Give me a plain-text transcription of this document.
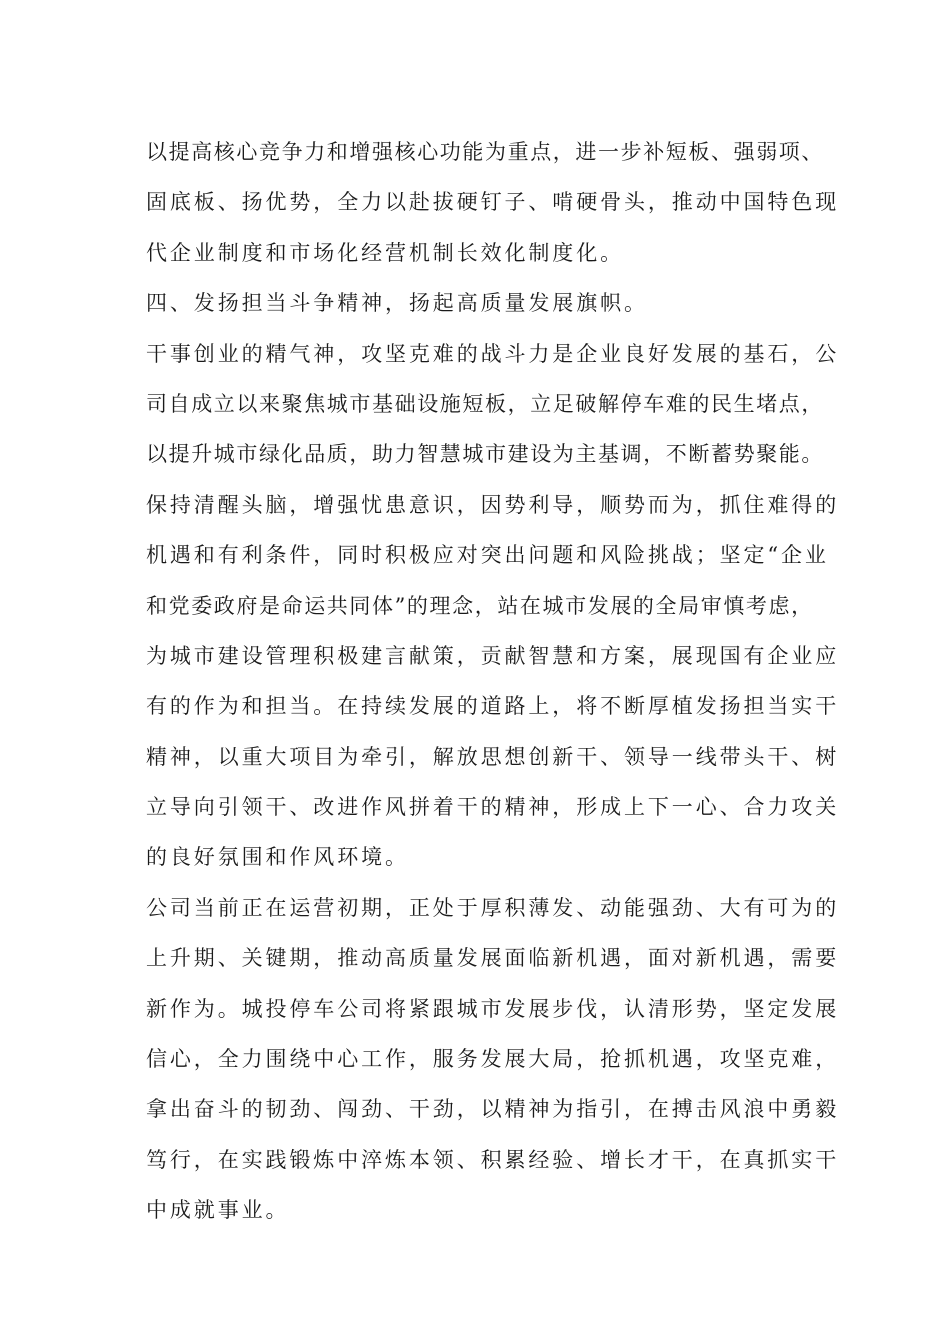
以提高核心竞争力和增强核心功能为重点，进一步补短板、强弱项、
固底板、扬优势，全力以赴拔硬钉子、啃硬骨头，推动中国特色现
代企业制度和市场化经营机制长效化制度化。
四、发扬担当斗争精神，扬起高质量发展旗帜。
干事创业的精气神，攻坚克难的战斗力是企业良好发展的基石，公
司自成立以来聚焦城市基础设施短板，立足破解停车难的民生堵点，
以提升城市绿化品质，助力智慧城市建设为主基调，不断蓄势聚能。
保持清醒头脑，增强忧患意识，因势利导，顺势而为，抓住难得的
机遇和有利条件，同时积极应对突出问题和风险挑战；坚定“企业
和党委政府是命运共同体”的理念，站在城市发展的全局审慎考虑，
为城市建设管理积极建言献策，贡献智慧和方案，展现国有企业应
有的作为和担当。在持续发展的道路上，将不断厚植发扬担当实干
精神，以重大项目为牵引，解放思想创新干、领导一线带头干、树
立导向引领干、改进作风拼着干的精神，形成上下一心、合力攻关
的良好氛围和作风环境。
公司当前正在运营初期，正处于厚积薄发、动能强劲、大有可为的
上升期、关键期，推动高质量发展面临新机遇，面对新机遇，需要
新作为。城投停车公司将紧跟城市发展步伐，认清形势，坚定发展
信心，全力围绕中心工作，服务发展大局，抢抓机遇，攻坚克难，
拿出奋斗的韧劲、闯劲、干劲，以精神为指引，在搏击风浪中勇毅
笃行，在实践锻炼中淬炼本领、积累经验、增长才干，在真抓实干
中成就事业。
